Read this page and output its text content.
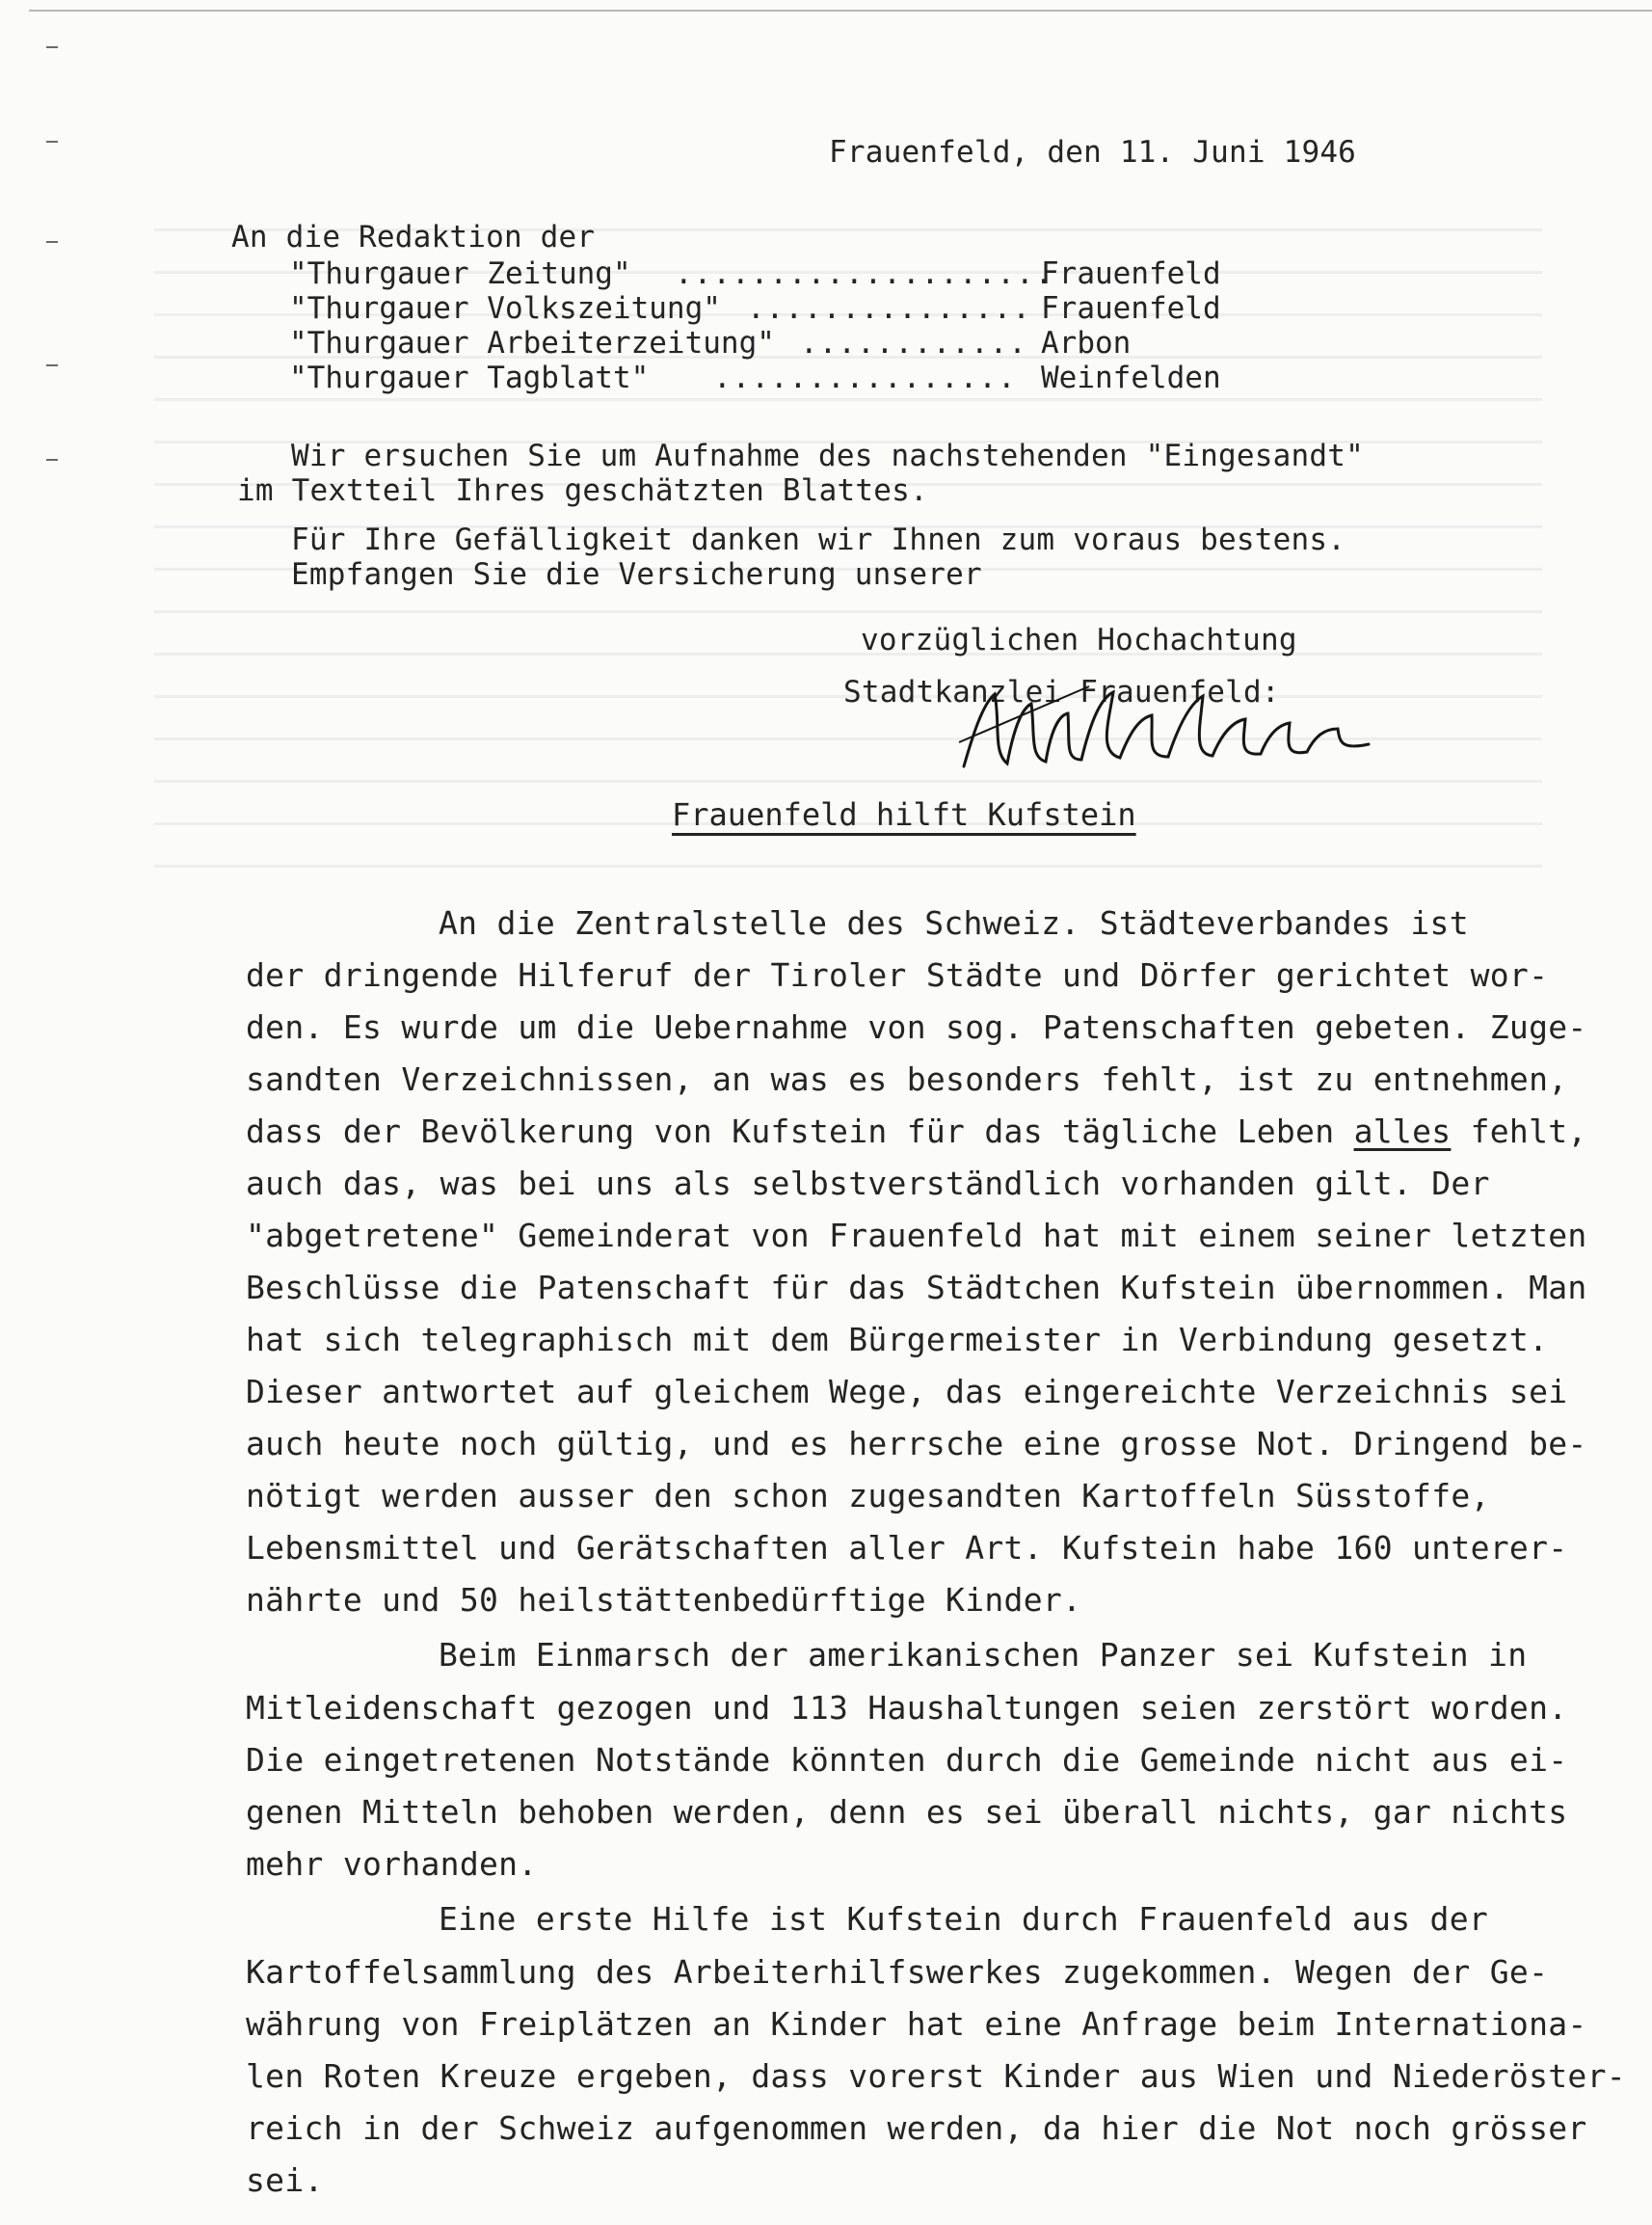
Frauenfeld, den 11. Juni 1946
An die Redaktion der
"Thurgauer Zeitung" ....................
Frauenfeld
"Thurgauer Volkszeitung" ............... Frauenfeld
"Thurgauer Arbeiterzeitung" ............ Arbon
"Thurgauer Tagblatt" ................ Weinfelden
Wir ersuchen Sie um Aufnahme des nachstehenden "Eingesandt"
im Textteil Ihres geschätzten Blattes.
Für Ihre Gefälligkeit danken wir Ihnen zum voraus bestens.
Empfangen Sie die Versicherung unserer
vorzüglichen Hochachtung
Stadtkanzlei Frauenfeld:
Frauenfeld hilft Kufstein
An die Zentralstelle des Schweiz. Städteverbandes ist
der dringende Hilferuf der Tiroler Städte und Dörfer gerichtet wor-
den. Es wurde um die Uebernahme von sog. Patenschaften gebeten. Zuge-
sandten Verzeichnissen, an was es besonders fehlt, ist zu entnehmen,
dass der Bevölkerung von Kufstein für das tägliche Leben alles fehlt,
auch das, was bei uns als selbstverständlich vorhanden gilt. Der
"abgetretene" Gemeinderat von Frauenfeld hat mit einem seiner letzten
Beschlüsse die Patenschaft für das Städtchen Kufstein übernommen. Man
hat sich telegraphisch mit dem Bürgermeister in Verbindung gesetzt.
Dieser antwortet auf gleichem Wege, das eingereichte Verzeichnis sei
auch heute noch gültig, und es herrsche eine grosse Not. Dringend be-
nötigt werden ausser den schon zugesandten Kartoffeln Süsstoffe,
Lebensmittel und Gerätschaften aller Art. Kufstein habe 160 unterer-
nährte und 50 heilstättenbedürftige Kinder.
Beim Einmarsch der amerikanischen Panzer sei Kufstein in
Mitleidenschaft gezogen und 113 Haushaltungen seien zerstört worden.
Die eingetretenen Notstände könnten durch die Gemeinde nicht aus ei-
genen Mitteln behoben werden, denn es sei überall nichts, gar nichts
mehr vorhanden.
Eine erste Hilfe ist Kufstein durch Frauenfeld aus der
Kartoffelsammlung des Arbeiterhilfswerkes zugekommen. Wegen der Ge-
währung von Freiplätzen an Kinder hat eine Anfrage beim Internationa-
len Roten Kreuze ergeben, dass vorerst Kinder aus Wien und Niederöster-
reich in der Schweiz aufgenommen werden, da hier die Not noch grösser
sei.
